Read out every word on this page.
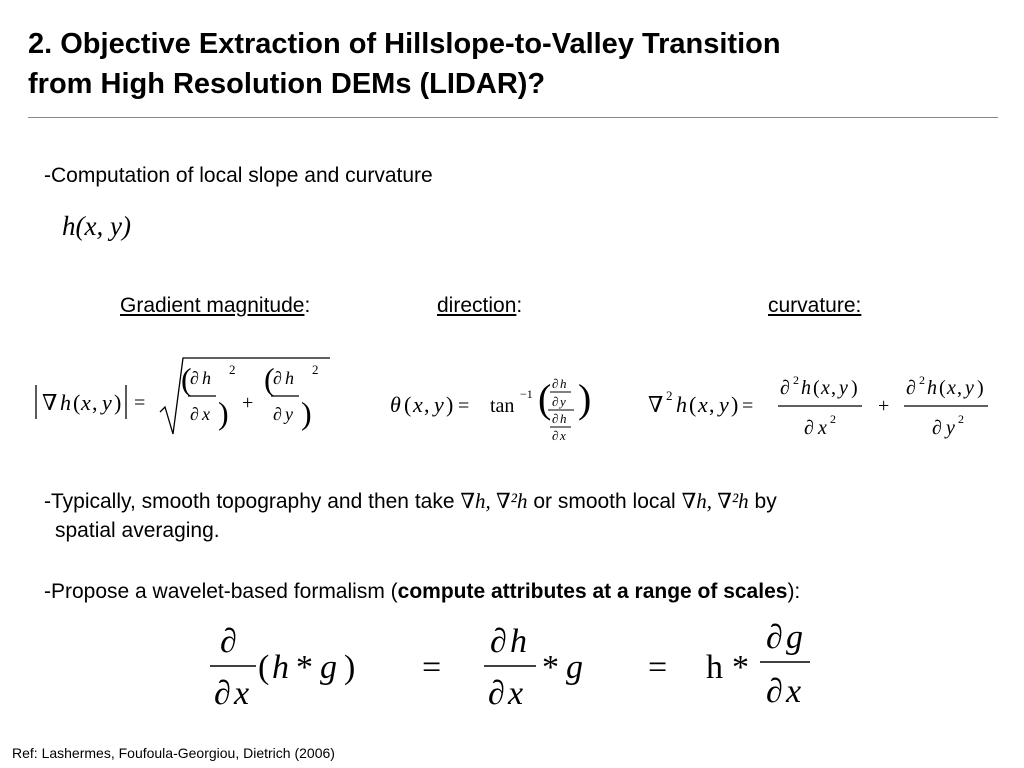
2. Objective Extraction of Hillslope-to-Valley Transition
from High Resolution DEMs (LIDAR)?
-Computation of local slope and curvature
h(x, y)
Gradient magnitude:	direction:	curvature:
∇ h ( x , y ) =
(
∂ h
∂ x )
2
+
(
∂ h
∂ y )
2
θ ( x , y ) = tan
−1 ( ∂ h
∂ y
∂ h
∂ x
)	∇ 2 h ( x , y ) =
∂ 2 h ( x , y )
∂ x 2
+
∂ 2 h ( x , y )
∂ y 2
-Typically, smooth topography and then take ∇h, ∇²h or smooth local ∇h, ∇²h by
spatial averaging.
-Propose a wavelet-based formalism (compute attributes at a range of scales):
∂
∂ x
( h * g ) =
∂ h
∂ x
* g = h *
∂ g
∂ x
Ref: Lashermes, Foufoula-Georgiou, Dietrich (2006)
